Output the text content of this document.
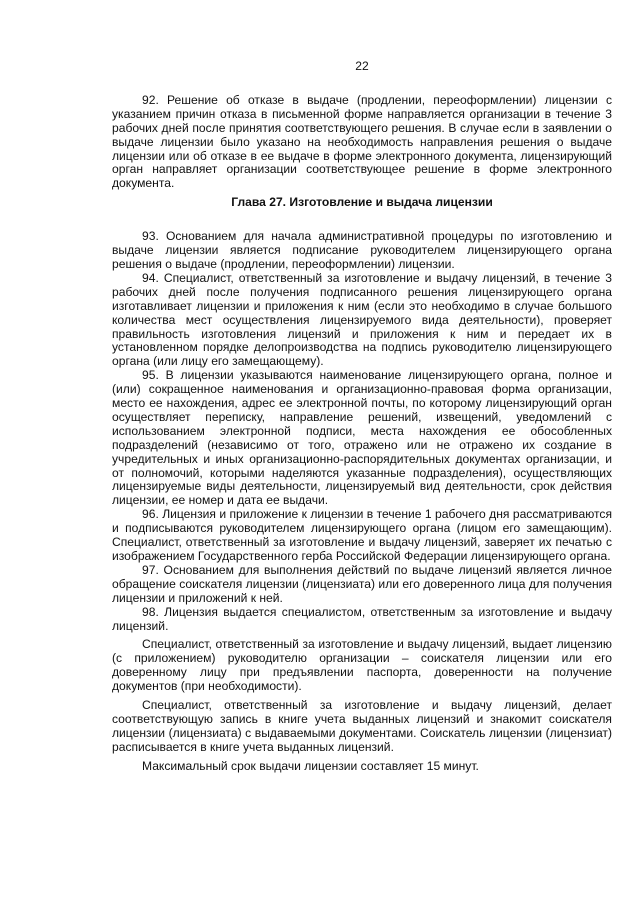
22

92. Решение об отказе в выдаче (продлении, переоформлении) лицензии с указанием причин отказа в письменной форме направляется организации в течение 3 рабочих дней после принятия соответствующего решения. В случае если в заявлении о выдаче лицензии было указано на необходимость направления решения о выдаче лицензии или об отказе в ее выдаче в форме электронного документа, лицензирующий орган направляет организации соответствующее решение в форме электронного документа.

Глава 27. Изготовление и выдача лицензии

93. Основанием для начала административной процедуры по изготовлению и выдаче лицензии является подписание руководителем лицензирующего органа решения о выдаче (продлении, переоформлении) лицензии.

94. Специалист, ответственный за изготовление и выдачу лицензий, в течение 3 рабочих дней после получения подписанного решения лицензирующего органа изготавливает лицензии и приложения к ним (если это необходимо в случае большого количества мест осуществления лицензируемого вида деятельности), проверяет правильность изготовления лицензий и приложения к ним и передает их в установленном порядке делопроизводства на подпись руководителю лицензирующего органа (или лицу его замещающему).

95. В лицензии указываются наименование лицензирующего органа, полное и (или) сокращенное наименования и организационно-правовая форма организации, место ее нахождения, адрес ее электронной почты, по которому лицензирующий орган осуществляет переписку, направление решений, извещений, уведомлений с использованием электронной подписи, места нахождения ее обособленных подразделений (независимо от того, отражено или не отражено их создание в учредительных и иных организационно-распорядительных документах организации, и от полномочий, которыми наделяются указанные подразделения), осуществляющих лицензируемые виды деятельности, лицензируемый вид деятельности, срок действия лицензии, ее номер и дата ее выдачи.

96. Лицензия и приложение к лицензии в течение 1 рабочего дня рассматриваются и подписываются руководителем лицензирующего органа (лицом его замещающим). Специалист, ответственный за изготовление и выдачу лицензий, заверяет их печатью с изображением Государственного герба Российской Федерации лицензирующего органа.

97. Основанием для выполнения действий по выдаче лицензий является личное обращение соискателя лицензии (лицензиата) или его доверенного лица для получения лицензии и приложений к ней.

98. Лицензия выдается специалистом, ответственным за изготовление и выдачу лицензий.

Специалист, ответственный за изготовление и выдачу лицензий, выдает лицензию (с приложением) руководителю организации – соискателя лицензии или его доверенному лицу при предъявлении паспорта, доверенности на получение документов (при необходимости).

Специалист, ответственный за изготовление и выдачу лицензий, делает соответствующую запись в книге учета выданных лицензий и знакомит соискателя лицензии (лицензиата) с выдаваемыми документами. Соискатель лицензии (лицензиат) расписывается в книге учета выданных лицензий.

Максимальный срок выдачи лицензии составляет 15 минут.
